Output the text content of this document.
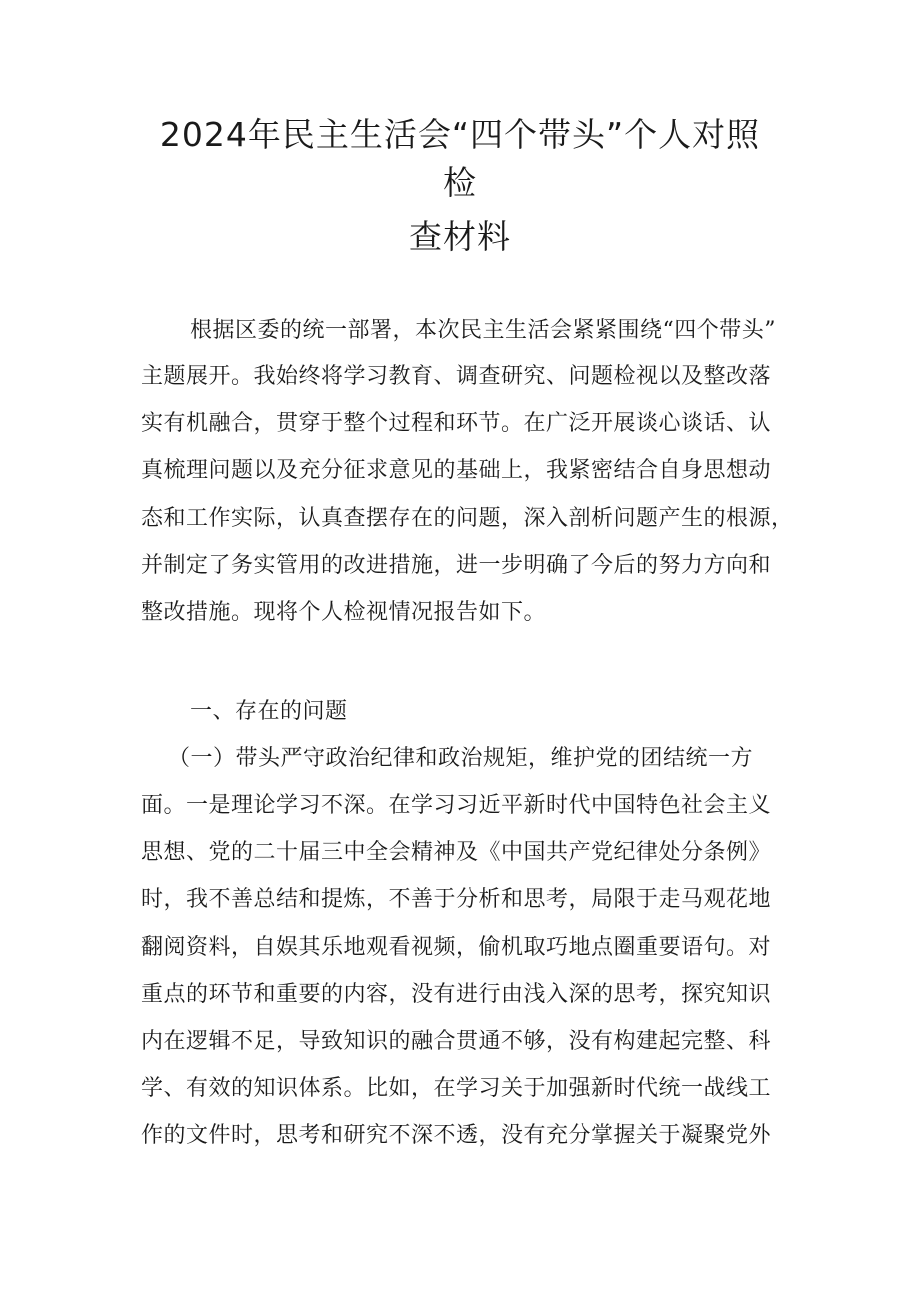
2024年民主生活会“四个带头”个人对照
检
查材料
根据区委的统一部署，本次民主生活会紧紧围绕“四个带头”
主题展开。我始终将学习教育、调查研究、问题检视以及整改落
实有机融合，贯穿于整个过程和环节。在广泛开展谈心谈话、认
真梳理问题以及充分征求意见的基础上，我紧密结合自身思想动
态和工作实际，认真查摆存在的问题，深入剖析问题产生的根源，
并制定了务实管用的改进措施，进一步明确了今后的努力方向和
整改措施。现将个人检视情况报告如下。
一、存在的问题
（一）带头严守政治纪律和政治规矩，维护党的团结统一方
面。一是理论学习不深。在学习习近平新时代中国特色社会主义
思想、党的二十届三中全会精神及《中国共产党纪律处分条例》
时，我不善总结和提炼，不善于分析和思考，局限于走马观花地
翻阅资料，自娱其乐地观看视频，偷机取巧地点圈重要语句。对
重点的环节和重要的内容，没有进行由浅入深的思考，探究知识
内在逻辑不足，导致知识的融合贯通不够，没有构建起完整、科
学、有效的知识体系。比如，在学习关于加强新时代统一战线工
作的文件时，思考和研究不深不透，没有充分掌握关于凝聚党外
